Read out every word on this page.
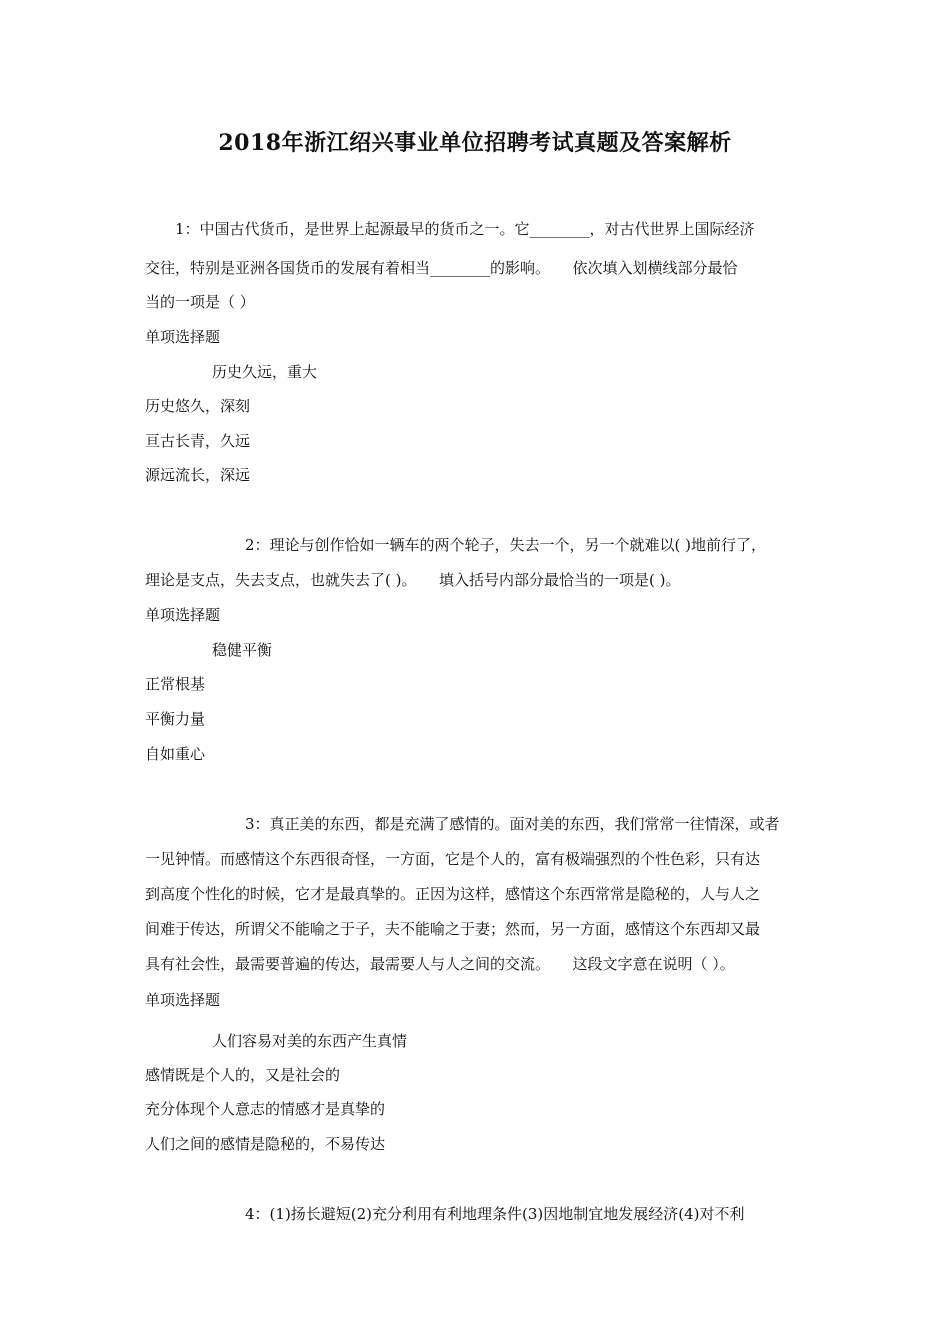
2018年浙江绍兴事业单位招聘考试真题及答案解析
1：中国古代货币，是世界上起源最早的货币之一。它________，对古代世界上国际经济
交往，特别是亚洲各国货币的发展有着相当________的影响。　　依次填入划横线部分最恰
当的一项是（ ）
单项选择题
历史久远，重大
历史悠久，深刻
亘古长青，久远
源远流长，深远
2：理论与创作恰如一辆车的两个轮子，失去一个，另一个就难以( )地前行了，
理论是支点，失去支点，也就失去了( )。　　填入括号内部分最恰当的一项是( )。
单项选择题
稳健平衡
正常根基
平衡力量
自如重心
3：真正美的东西，都是充满了感情的。面对美的东西，我们常常一往情深，或者
一见钟情。而感情这个东西很奇怪，一方面，它是个人的，富有极端强烈的个性色彩，只有达
到高度个性化的时候，它才是最真挚的。正因为这样，感情这个东西常常是隐秘的，人与人之
间难于传达，所谓父不能喻之于子，夫不能喻之于妻；然而，另一方面，感情这个东西却又最
具有社会性，最需要普遍的传达，最需要人与人之间的交流。　　这段文字意在说明（ ）。
单项选择题
人们容易对美的东西产生真情
感情既是个人的，又是社会的
充分体现个人意志的情感才是真挚的
人们之间的感情是隐秘的，不易传达
4：(1)扬长避短(2)充分利用有利地理条件(3)因地制宜地发展经济(4)对不利
